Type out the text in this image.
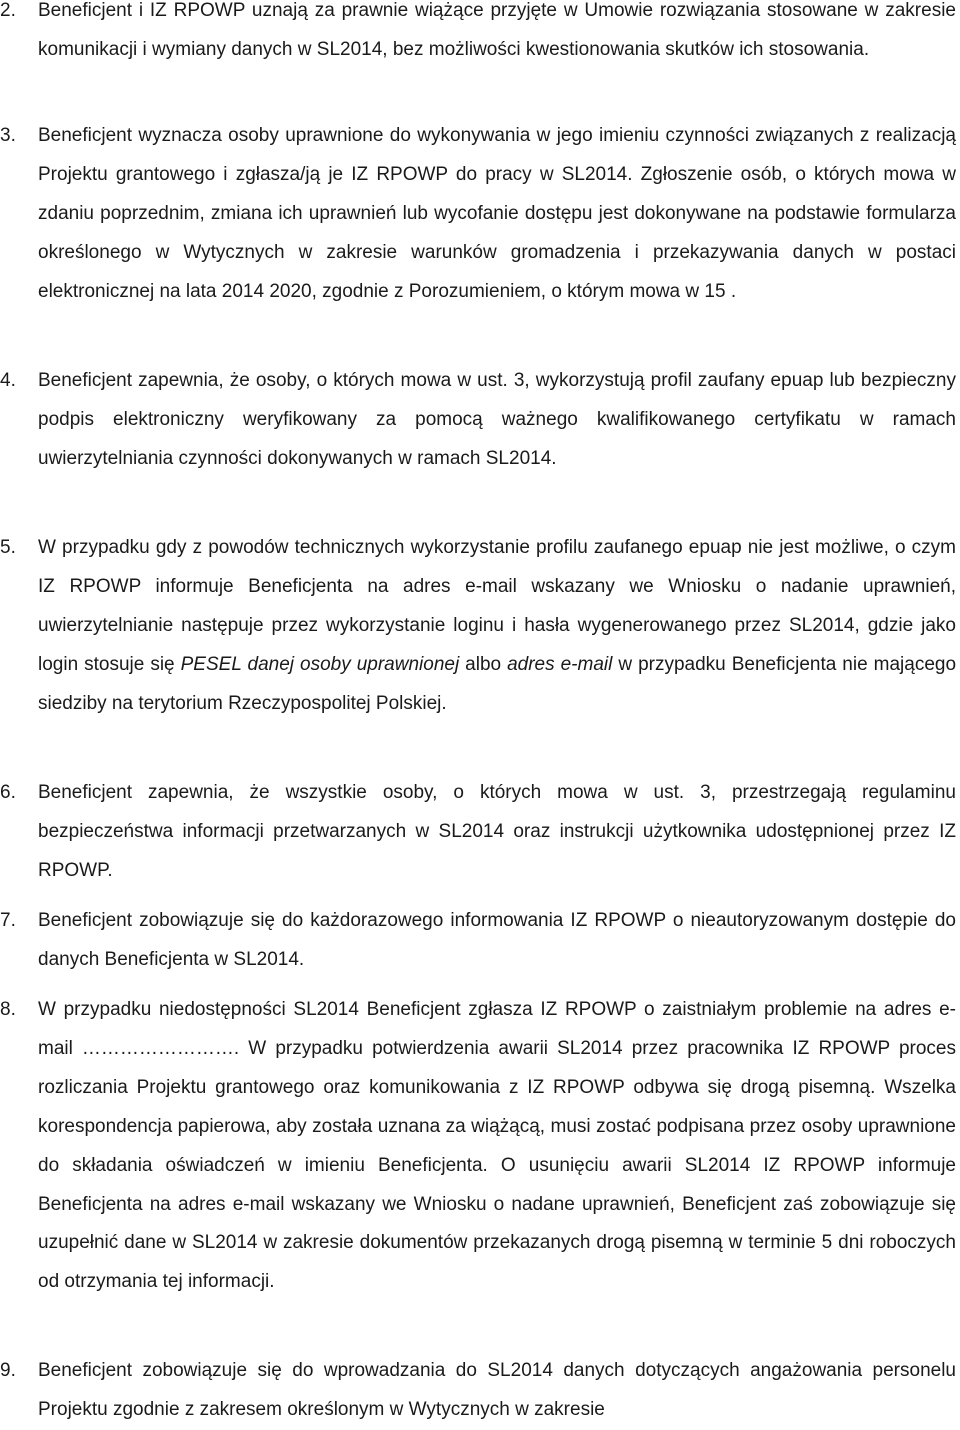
2. Beneficjent i IZ RPOWP uznają za prawnie wiążące przyjęte w Umowie rozwiązania stosowane w zakresie komunikacji i wymiany danych w SL2014, bez możliwości kwestionowania skutków ich stosowania.
3. Beneficjent wyznacza osoby uprawnione do wykonywania w jego imieniu czynności związanych z realizacją Projektu grantowego i zgłasza/ją je IZ RPOWP do pracy w SL2014. Zgłoszenie osób, o których mowa w zdaniu poprzednim, zmiana ich uprawnień lub wycofanie dostępu jest dokonywane na podstawie formularza określonego w Wytycznych w zakresie warunków gromadzenia i przekazywania danych w postaci elektronicznej na lata 2014 2020, zgodnie z Porozumieniem, o którym mowa w 15 .
4. Beneficjent zapewnia, że osoby, o których mowa w ust. 3, wykorzystują profil zaufany epuap lub bezpieczny podpis elektroniczny weryfikowany za pomocą ważnego kwalifikowanego certyfikatu w ramach uwierzytelniania czynności dokonywanych w ramach SL2014.
5. W przypadku gdy z powodów technicznych wykorzystanie profilu zaufanego epuap nie jest możliwe, o czym IZ RPOWP informuje Beneficjenta na adres e-mail wskazany we Wniosku o nadanie uprawnień, uwierzytelnianie następuje przez wykorzystanie loginu i hasła wygenerowanego przez SL2014, gdzie jako login stosuje się PESEL danej osoby uprawnionej albo adres e-mail w przypadku Beneficjenta nie mającego siedziby na terytorium Rzeczypospolitej Polskiej.
6. Beneficjent zapewnia, że wszystkie osoby, o których mowa w ust. 3, przestrzegają regulaminu bezpieczeństwa informacji przetwarzanych w SL2014 oraz instrukcji użytkownika udostępnionej przez IZ RPOWP.
7. Beneficjent zobowiązuje się do każdorazowego informowania IZ RPOWP o nieautoryzowanym dostępie do danych Beneficjenta w SL2014.
8. W przypadku niedostępności SL2014 Beneficjent zgłasza IZ RPOWP o zaistniałym problemie na adres e-mail ……………………. W przypadku potwierdzenia awarii SL2014 przez pracownika IZ RPOWP proces rozliczania Projektu grantowego oraz komunikowania z IZ RPOWP odbywa się drogą pisemną. Wszelka korespondencja papierowa, aby została uznana za wiążącą, musi zostać podpisana przez osoby uprawnione do składania oświadczeń w imieniu Beneficjenta. O usunięciu awarii SL2014 IZ RPOWP informuje Beneficjenta na adres e-mail wskazany we Wniosku o nadane uprawnień, Beneficjent zaś zobowiązuje się uzupełnić dane w SL2014 w zakresie dokumentów przekazanych drogą pisemną w terminie 5 dni roboczych od otrzymania tej informacji.
9. Beneficjent zobowiązuje się do wprowadzania do SL2014 danych dotyczących angażowania personelu Projektu zgodnie z zakresem określonym w Wytycznych w zakresie
